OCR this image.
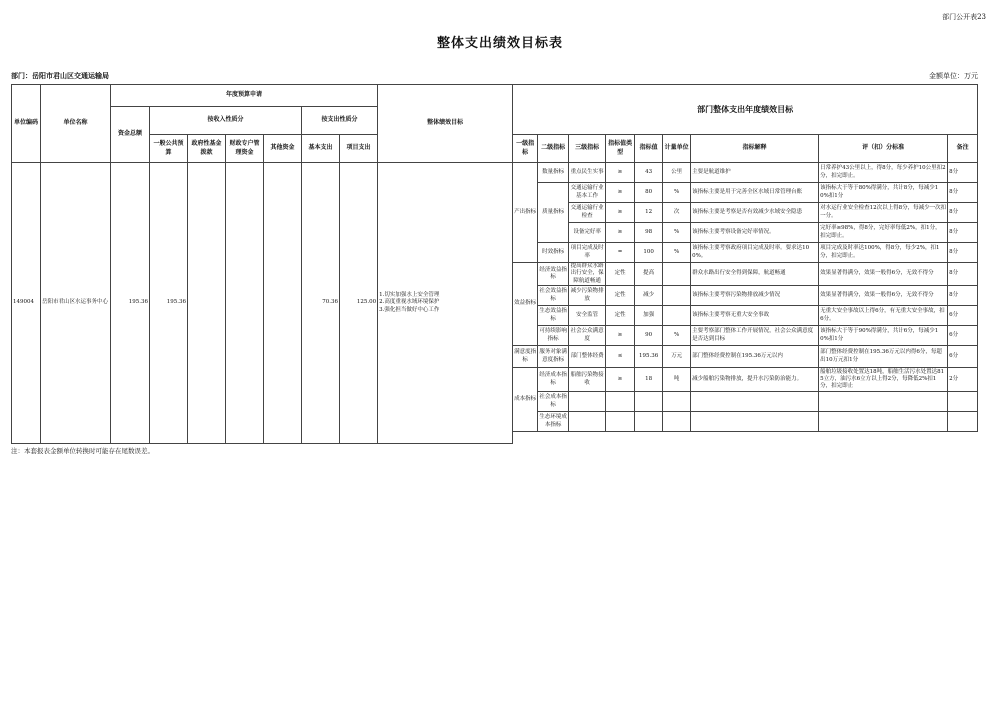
部门公开表23
整体支出绩效目标表
部门：岳阳市君山区交通运输局	金额单位：万元
单位编码	单位名称	年度预算申请							整体绩效目标	部门整体支出年度绩效目标								
		资金总额	按收入性质分				按支出性质分											
			一般公共预算	政府性基金拨款	财政专户管理资金	其他资金	基本支出	项目支出		一级指标	二级指标	三级指标	指标值类型	指标值	计量单位	指标解释	评（扣）分标准	备注
149004	岳阳市君山区水运事务中心	195.36	195.36				70.36	125.00	1.切实加强水上安全管理
2.高度重视水域环境保护
3.强化担当做好中心工作	产出指标	数量指标	重点民生实事	≥	43	公里	主要是航道维护	日常养护43公里以上，得8分，每少养护10公里扣2分，扣完即止。	8分
											质量指标	交通运输行业基本工作	≥	80	%	该指标主要是用于完善全区水域日常管理台账	该指标大于等于80%得满分，共计8分，每减少10%扣1分	8分
												交通运输行业检查	≥	12	次	该指标主要是考察是否有效减少水域安全隐患	对水运行业安全检查12次以上得8分，每减少一次扣一分。	8分
												设备完好率	≥	98	%	该指标主要考察设备完好率情况。	完好率≥98%，得8分，完好率每低2%，扣1分，扣完即止。	8分
											时效指标	项目完成及时率	=	100	%	该指标主要考察政府项目完成及时率。要求达100%。	项目完成及时率达100%，得8分，每少2%，扣1分，扣完即止。	8分
										效益指标	经济效益指标	提高群众水路出行安全，保障航道畅通	定性	提高		群众水路出行安全得到保障，航道畅通	效果显著得满分，效果一般得6分，无效不得分	8分
											社会效益指标	减少污染物排放	定性	减少		该指标主要考察污染物排放减少情况	效果显著得满分，效果一般得6分，无效不得分	8分
											生态效益指标	安全监管	定性	加强		该指标主要考察无重大安全事故	无重大安全事故以上得6分，有无重大安全事故，扣6分。	6分
											可持续影响指标	社会公众满意度	≥	90	%	主要考察部门整体工作开展情况，社会公众满意度是否达到目标	该指标大于等于90%得满分，共计6分，每减少10%扣1分	6分
										满意度指标	服务对象满意度指标	部门整体经费	≤	195.36	万元	部门整体经费控制在195.36万元以内	部门整体经费控制在195.36万元以内得6分，每超出10万元扣1分	6分
										成本指标	经济成本指标	船舶污染物接收	≥	18	吨	减少船舶污染物排放，提升水污染防治能力。	船舶垃圾接收处置达18吨，船舶生活污水处置达815立方，油污水6立方以上得2分，每降低2%扣1分，扣完即止	2分
											社会成本指标							
											生态环境成本指标							

注：本套报表金额单位转换时可能存在尾数误差。
